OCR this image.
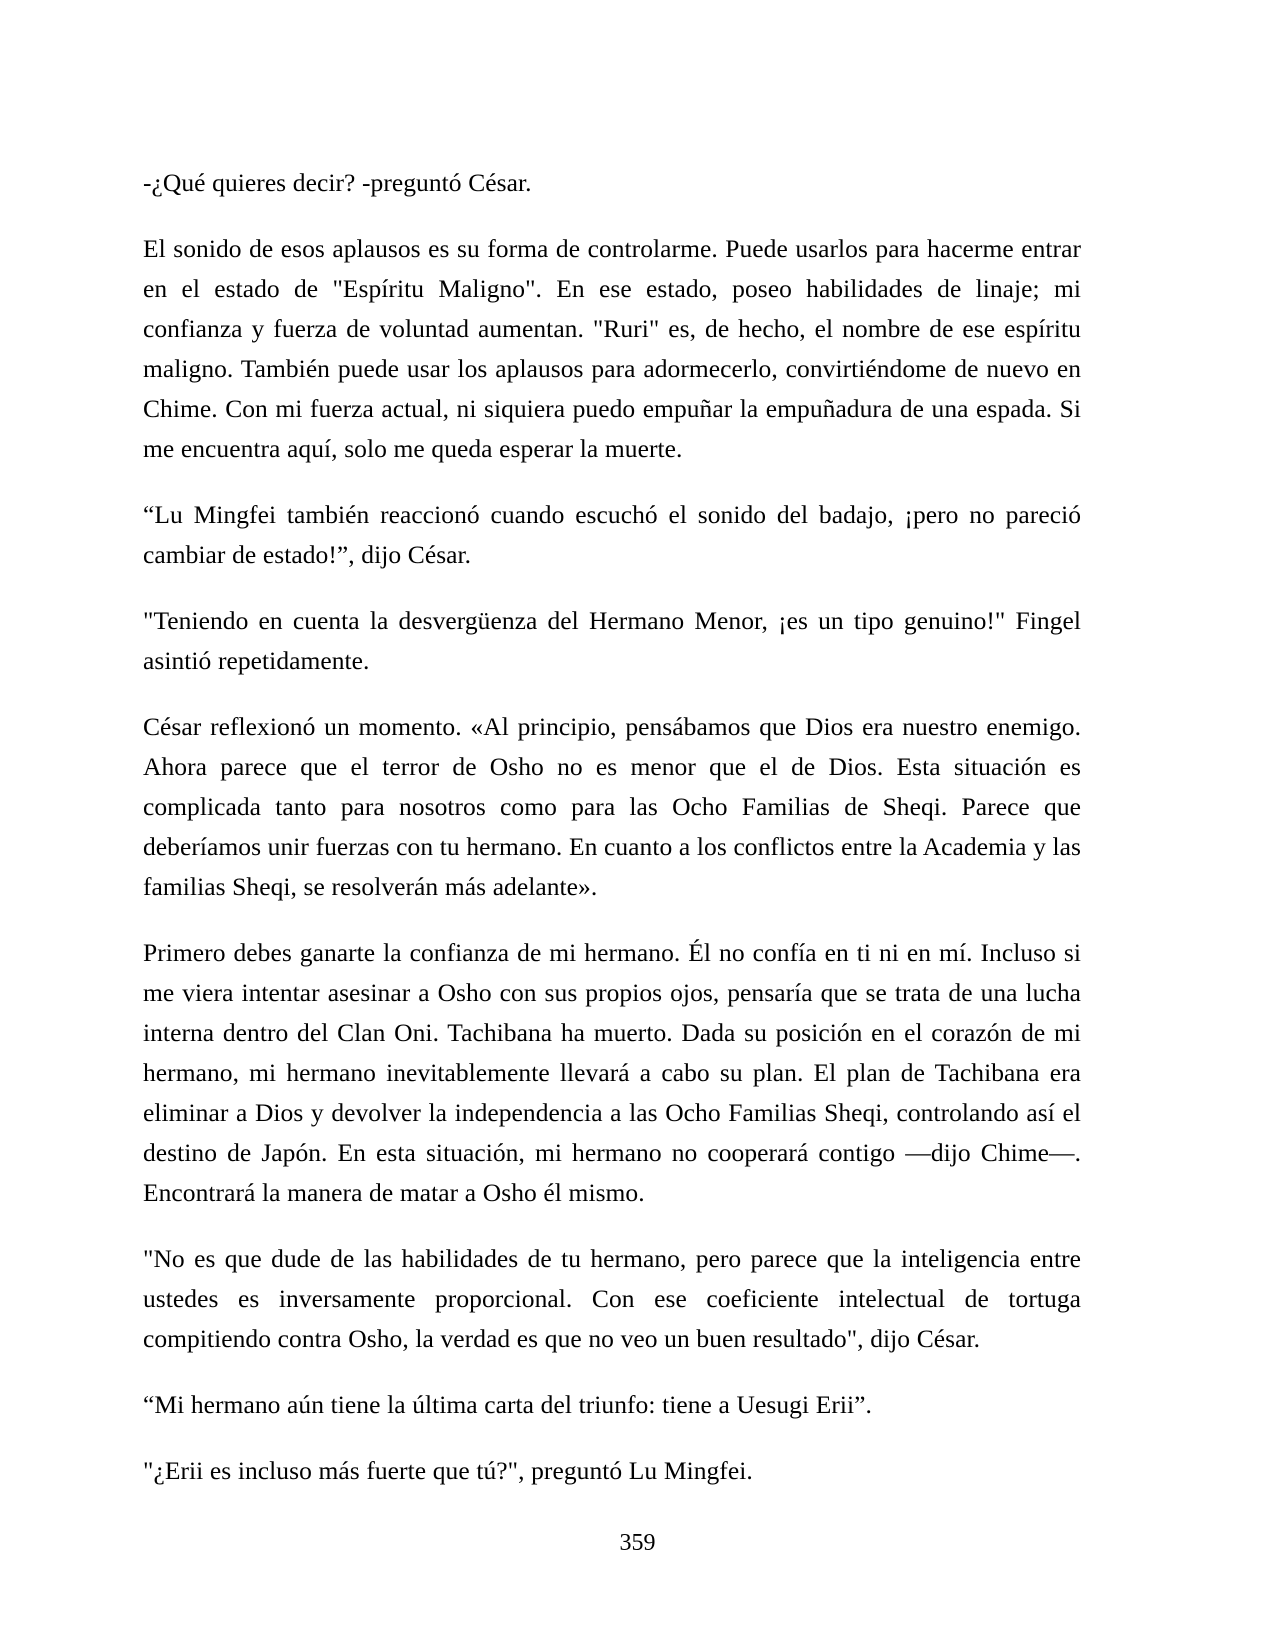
-¿Qué quieres decir? -preguntó César.

El sonido de esos aplausos es su forma de controlarme. Puede usarlos para hacerme entrar en el estado de "Espíritu Maligno". En ese estado, poseo habilidades de linaje; mi confianza y fuerza de voluntad aumentan. "Ruri" es, de hecho, el nombre de ese espíritu maligno. También puede usar los aplausos para adormecerlo, convirtiéndome de nuevo en Chime. Con mi fuerza actual, ni siquiera puedo empuñar la empuñadura de una espada. Si me encuentra aquí, solo me queda esperar la muerte.

“Lu Mingfei también reaccionó cuando escuchó el sonido del badajo, ¡pero no pareció cambiar de estado!”, dijo César.

"Teniendo en cuenta la desvergüenza del Hermano Menor, ¡es un tipo genuino!" Fingel asintió repetidamente.

César reflexionó un momento. «Al principio, pensábamos que Dios era nuestro enemigo. Ahora parece que el terror de Osho no es menor que el de Dios. Esta situación es complicada tanto para nosotros como para las Ocho Familias de Sheqi. Parece que deberíamos unir fuerzas con tu hermano. En cuanto a los conflictos entre la Academia y las familias Sheqi, se resolverán más adelante».

Primero debes ganarte la confianza de mi hermano. Él no confía en ti ni en mí. Incluso si me viera intentar asesinar a Osho con sus propios ojos, pensaría que se trata de una lucha interna dentro del Clan Oni. Tachibana ha muerto. Dada su posición en el corazón de mi hermano, mi hermano inevitablemente llevará a cabo su plan. El plan de Tachibana era eliminar a Dios y devolver la independencia a las Ocho Familias Sheqi, controlando así el destino de Japón. En esta situación, mi hermano no cooperará contigo —dijo Chime—. Encontrará la manera de matar a Osho él mismo.

"No es que dude de las habilidades de tu hermano, pero parece que la inteligencia entre ustedes es inversamente proporcional. Con ese coeficiente intelectual de tortuga compitiendo contra Osho, la verdad es que no veo un buen resultado", dijo César.

“Mi hermano aún tiene la última carta del triunfo: tiene a Uesugi Erii”.

"¿Erii es incluso más fuerte que tú?", preguntó Lu Mingfei.

359
